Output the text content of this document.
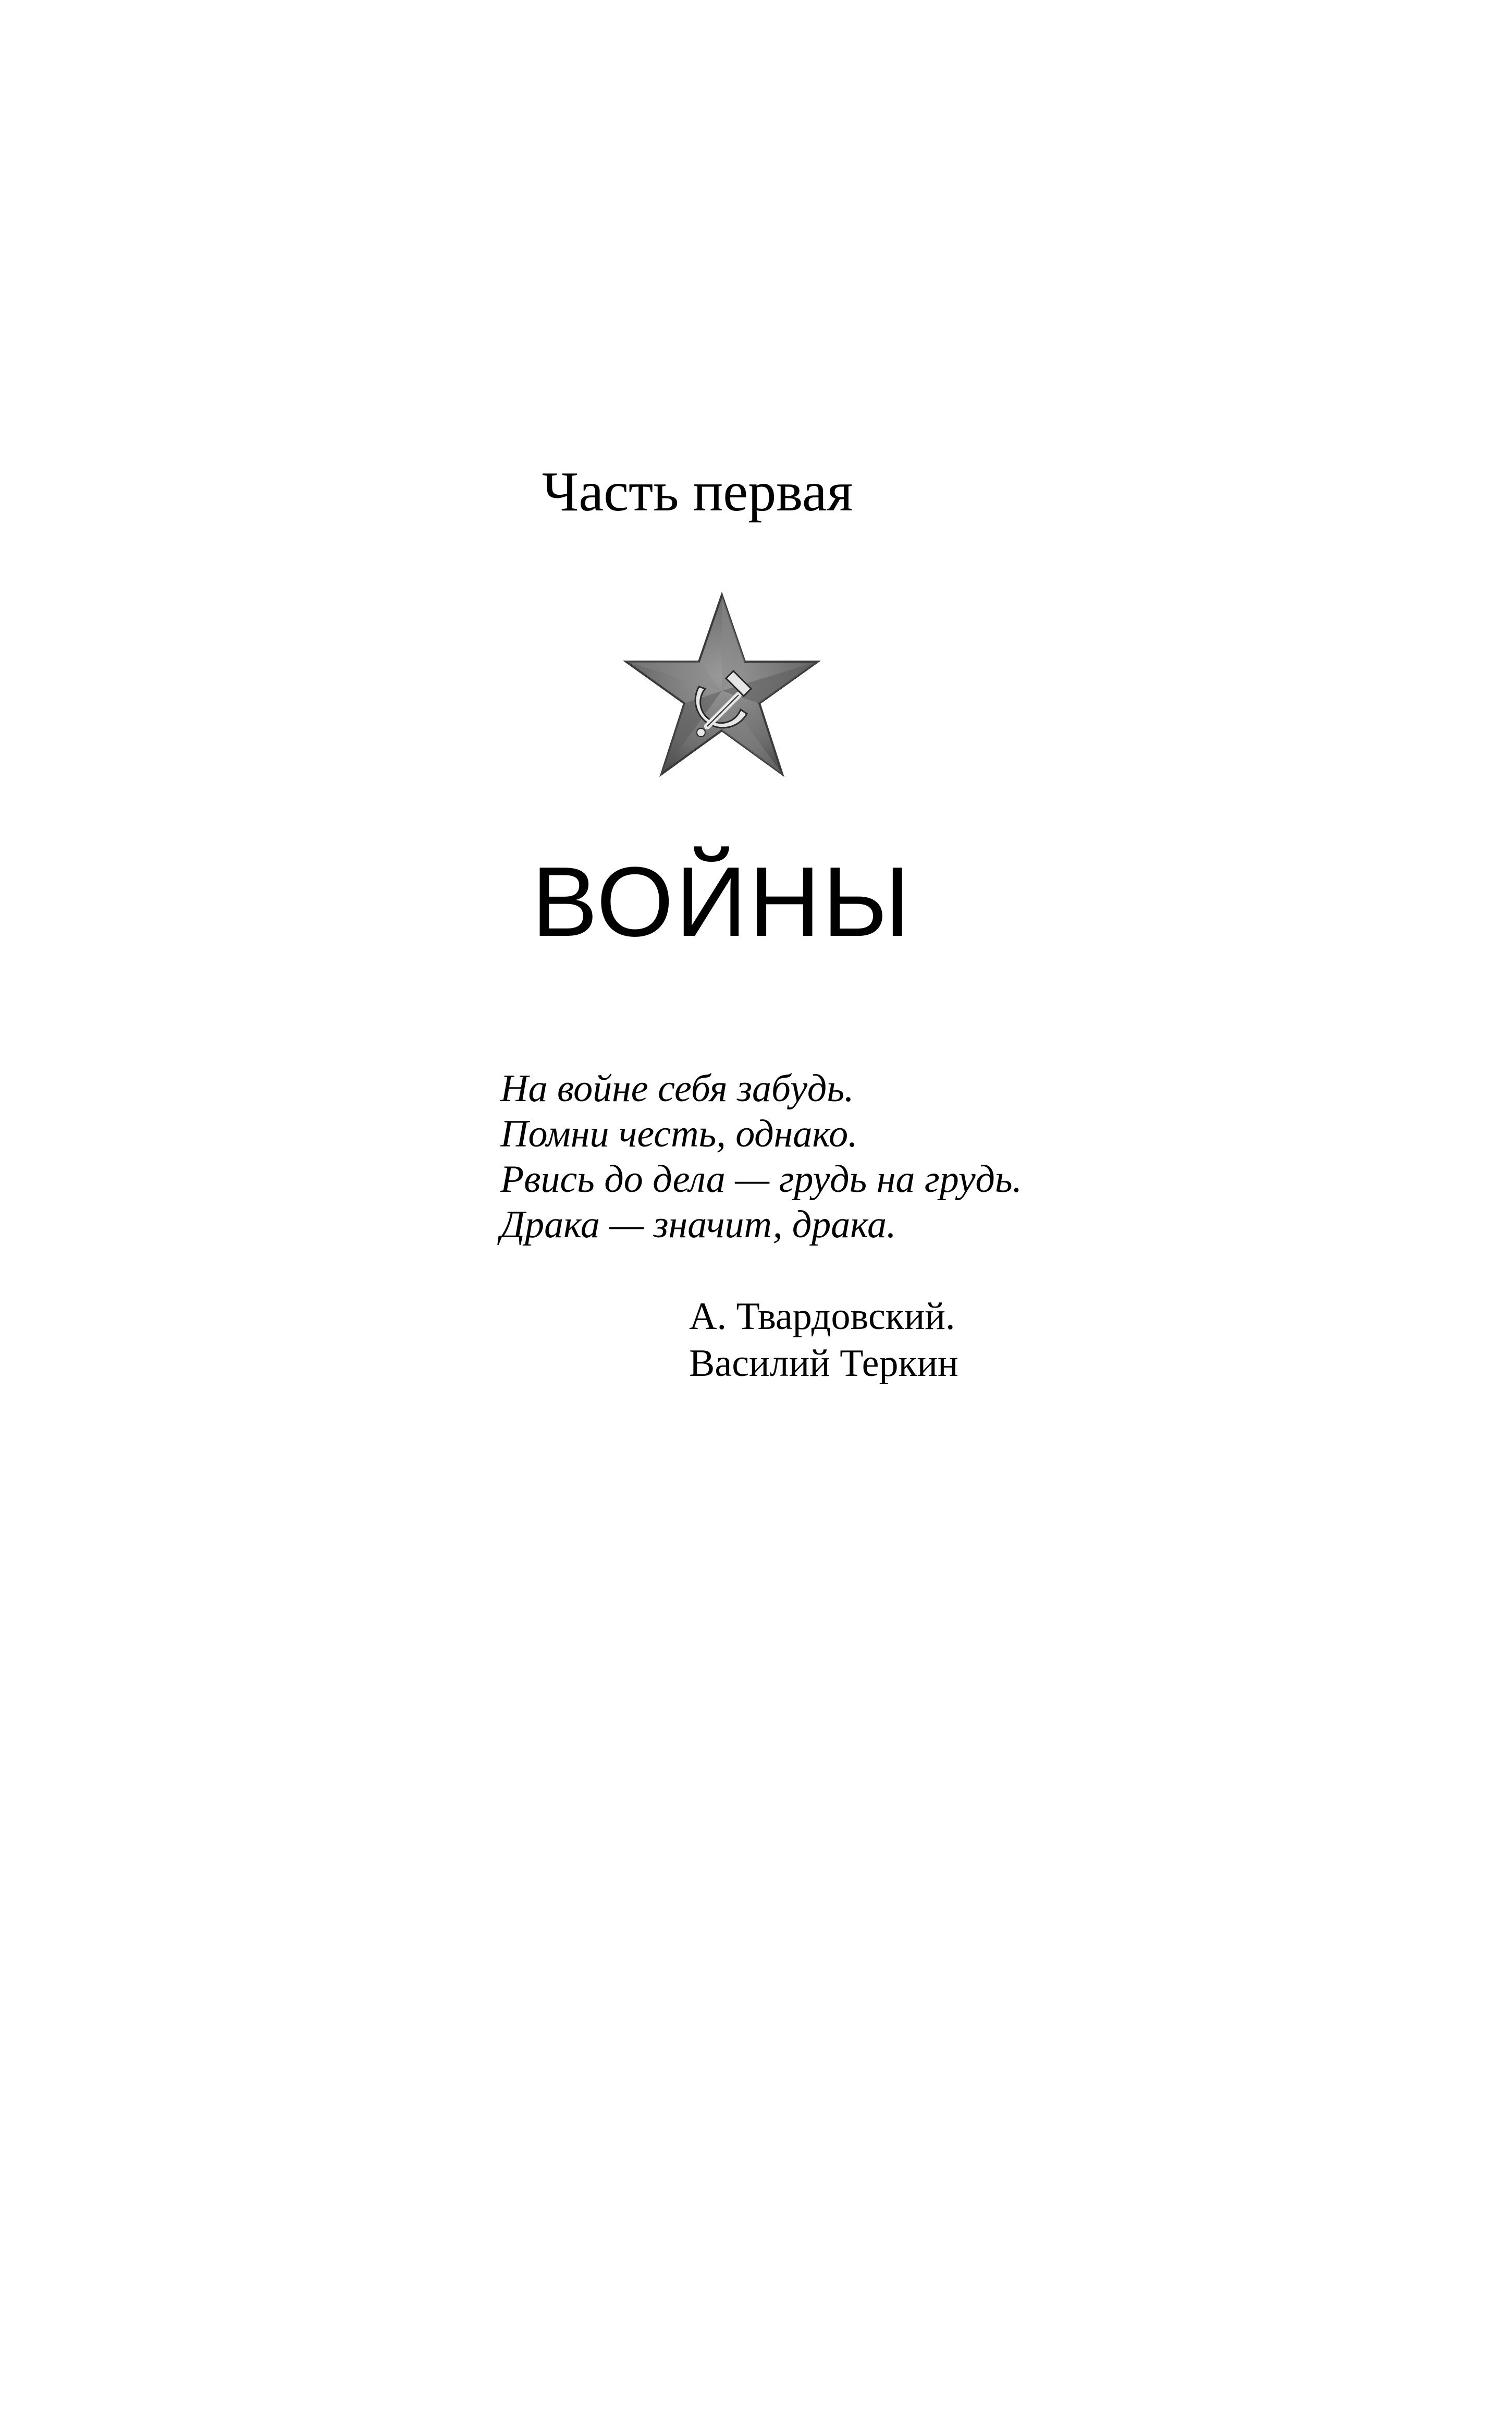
Часть первая
ВОЙНЫ
На войне себя забудь.
Помни честь, однако.
Рвись до дела — грудь на грудь.
Драка — значит, драка.
А. Твардовский.
Василий Теркин
